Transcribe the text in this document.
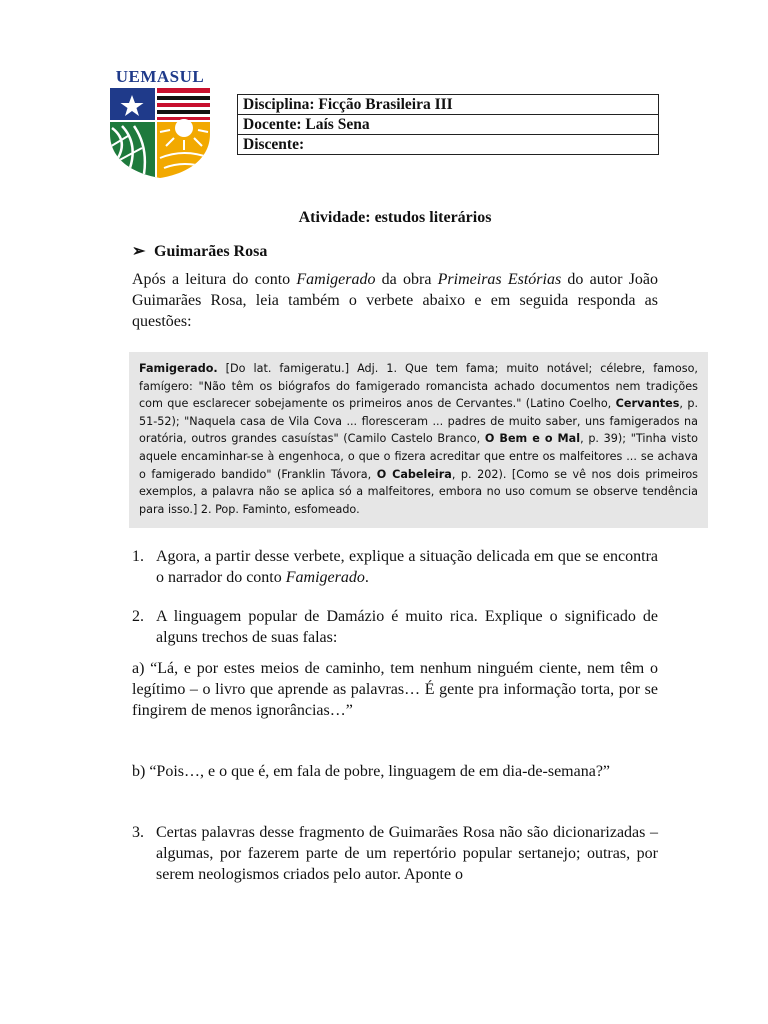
UEMASUL
Disciplina: Ficção Brasileira III
Docente: Laís Sena
Discente:
Atividade: estudos literários
➢ Guimarães Rosa
Após a leitura do conto Famigerado da obra Primeiras Estórias do autor João Guimarães Rosa, leia também o verbete abaixo e em seguida responda as questões:
Famigerado. [Do lat. famigeratu.] Adj. 1. Que tem fama; muito notável; célebre, famoso, famígero: "Não têm os biógrafos do famigerado romancista achado documentos nem tradições com que esclarecer sobejamente os primeiros anos de Cervantes." (Latino Coelho, Cervantes, p. 51-52); "Naquela casa de Vila Cova ... floresceram ... padres de muito saber, uns famigerados na oratória, outros grandes casuístas" (Camilo Castelo Branco, O Bem e o Mal, p. 39); "Tinha visto aquele encaminhar-se à engenhoca, o que o fizera acreditar que entre os malfeitores ... se achava o famigerado bandido" (Franklin Távora, O Cabeleira, p. 202). [Como se vê nos dois primeiros exemplos, a palavra não se aplica só a malfeitores, embora no uso comum se observe tendência para isso.] 2. Pop. Faminto, esfomeado.
1. Agora, a partir desse verbete, explique a situação delicada em que se encontra o narrador do conto Famigerado.
2. A linguagem popular de Damázio é muito rica. Explique o significado de alguns trechos de suas falas:
a) “Lá, e por estes meios de caminho, tem nenhum ninguém ciente, nem têm o legítimo – o livro que aprende as palavras… É gente pra informação torta, por se fingirem de menos ignorâncias…”
b) “Pois…, e o que é, em fala de pobre, linguagem de em dia-de-semana?”
3. Certas palavras desse fragmento de Guimarães Rosa não são dicionarizadas – algumas, por fazerem parte de um repertório popular sertanejo; outras, por serem neologismos criados pelo autor. Aponte o
